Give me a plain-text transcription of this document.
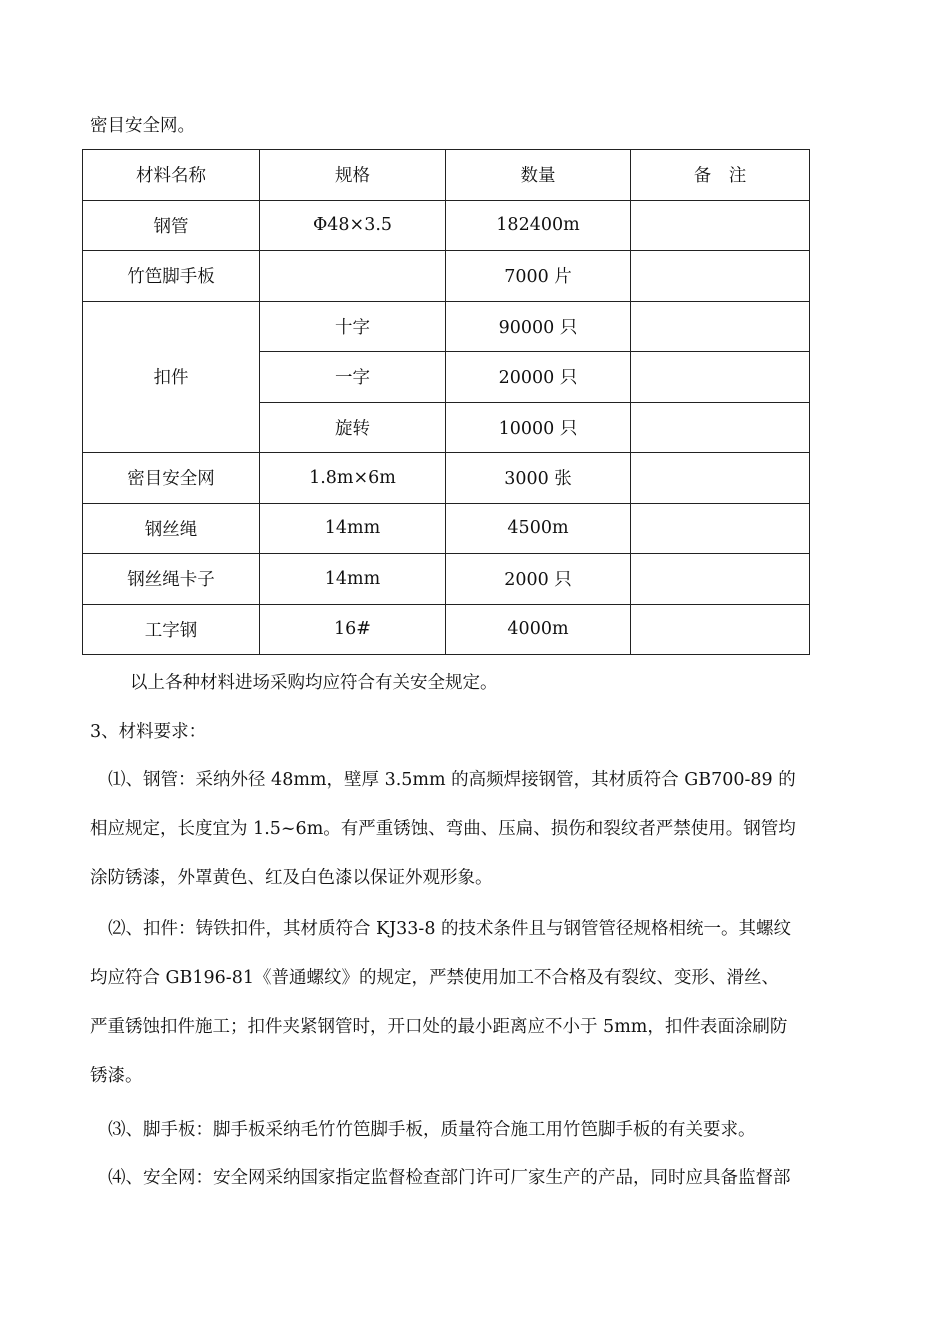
密目安全网。
材料名称	规格	数量	备　注
钢管	Φ48×3.5	182400m	
竹笆脚手板		7000 片	
扣件	十字	90000 只	
	一字	20000 只	
	旋转	10000 只	
密目安全网	1.8m×6m	3000 张	
钢丝绳	14mm	4500m	
钢丝绳卡子	14mm	2000 只	
工字钢	16#	4000m	
以上各种材料进场采购均应符合有关安全规定。
3、材料要求：
⑴、钢管：采纳外径 48mm，壁厚 3.5mm 的高频焊接钢管，其材质符合 GB700-89 的
相应规定，长度宜为 1.5~6m。有严重锈蚀、弯曲、压扁、损伤和裂纹者严禁使用。钢管均
涂防锈漆，外罩黄色、红及白色漆以保证外观形象。
⑵、扣件：铸铁扣件，其材质符合 KJ33-8 的技术条件且与钢管管径规格相统一。其螺纹
均应符合 GB196-81《普通螺纹》的规定，严禁使用加工不合格及有裂纹、变形、滑丝、
严重锈蚀扣件施工；扣件夹紧钢管时，开口处的最小距离应不小于 5mm，扣件表面涂刷防
锈漆。
⑶、脚手板：脚手板采纳毛竹竹笆脚手板，质量符合施工用竹笆脚手板的有关要求。
⑷、安全网：安全网采纳国家指定监督检查部门许可厂家生产的产品，同时应具备监督部
